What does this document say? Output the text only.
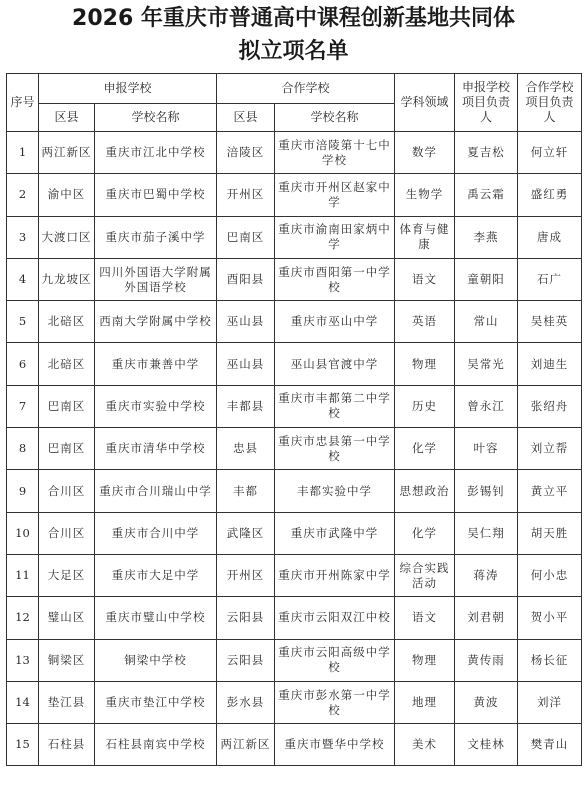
2026 年重庆市普通高中课程创新基地共同体
拟立项名单
序号	申报学校		合作学校		学科领域	申报学校项目负责人	合作学校项目负责人
	区县	学校名称	区县	学校名称			
1	两江新区	重庆市江北中学校	涪陵区	重庆市涪陵第十七中学校	数学	夏吉松	何立轩
2	渝中区	重庆市巴蜀中学校	开州区	重庆市开州区赵家中学	生物学	禹云霜	盛红勇
3	大渡口区	重庆市茄子溪中学	巴南区	重庆市渝南田家炳中学	体育与健康	李燕	唐成
4	九龙坡区	四川外国语大学附属外国语学校	酉阳县	重庆市酉阳第一中学校	语文	童朝阳	石广
5	北碚区	西南大学附属中学校	巫山县	重庆市巫山中学	英语	常山	吴桂英
6	北碚区	重庆市兼善中学	巫山县	巫山县官渡中学	物理	吴常光	刘迪生
7	巴南区	重庆市实验中学校	丰都县	重庆市丰都第二中学校	历史	曾永江	张绍舟
8	巴南区	重庆市清华中学校	忠县	重庆市忠县第一中学校	化学	叶容	刘立帮
9	合川区	重庆市合川瑞山中学	丰都	丰都实验中学	思想政治	彭锡钊	黄立平
10	合川区	重庆市合川中学	武隆区	重庆市武隆中学	化学	吴仁翔	胡天胜
11	大足区	重庆市大足中学	开州区	重庆市开州陈家中学	综合实践活动	蒋涛	何小忠
12	璧山区	重庆市璧山中学校	云阳县	重庆市云阳双江中校	语文	刘君朝	贺小平
13	铜梁区	铜梁中学校	云阳县	重庆市云阳高级中学校	物理	黄传雨	杨长征
14	垫江县	重庆市垫江中学校	彭水县	重庆市彭水第一中学校	地理	黄波	刘洋
15	石柱县	石柱县南宾中学校	两江新区	重庆市暨华中学校	美术	文桂林	樊青山
